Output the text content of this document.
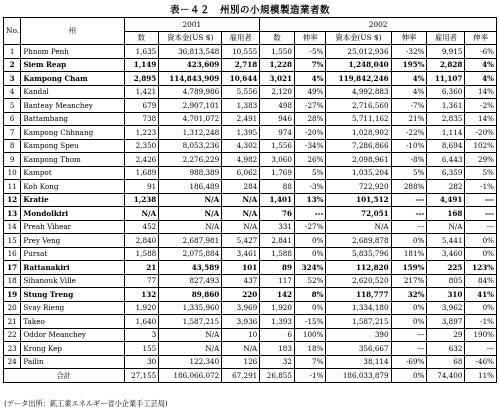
表－４２　州別の小規模製造業者数
No.	州	2001			2002					
		数	資本金(US $)	雇用者	数	伸率	資本金(US $)	伸率	雇用者	伸率
1	Phnom Penh	1,635	36,813,548	10,555	1,550	-5%	25,012,936	-32%	9,915	-6%
2	Siem Reap	1,149	423,609	2,718	1,228	7%	1,248,040	195%	2,828	4%
3	Kampong Cham	2,895	114,843,909	10,644	3,021	4%	119,842,246	4%	11,107	4%
4	Kandal	1,421	4,789,986	5,556	2,120	49%	4,992,883	4%	6,360	14%
5	Banteay Meanchey	679	2,907,101	1,383	498	-27%	2,716,560	-7%	1,361	-2%
6	Battambang	738	4,701,072	2,491	946	28%	5,711,162	21%	2,835	14%
7	Kampong Chhnang	1,223	1,312,248	1,395	974	-20%	1,028,902	-22%	1,114	-20%
8	Kampong Speu	2,350	8,053,236	4,302	1,556	-34%	7,286,866	-10%	8,694	102%
9	Kampong Thom	2,426	2,276,229	4,982	3,060	26%	2,098,961	-8%	6,443	29%
10	Kampot	1,689	988,389	6,062	1,769	5%	1,035,204	5%	6,359	5%
11	Koh Kong	91	186,489	284	88	-3%	722,920	288%	282	-1%
12	Kratie	1,238	N/A	N/A	1,401	13%	101,512	---	4,491	---
13	Mondolkiri	N/A	N/A	N/A	76	---	72,051	---	168	---
14	Preah Vihear	452	N/A	N/A	331	-27%	N/A	---	N/A	---
15	Prey Veng	2,840	2,687,981	5,427	2,841	0%	2,689,878	0%	5,441	0%
16	Pursat	1,588	2,075,884	3,461	1,588	0%	5,835,796	181%	3,460	0%
17	Rattanakiri	21	43,589	101	89	324%	112,820	159%	225	123%
18	Sihanouk Ville	77	827,493	437	117	52%	2,620,520	217%	805	84%
19	Stung Treng	132	89,860	220	142	8%	118,777	32%	310	41%
20	Svay Rieng	1,920	1,335,960	3,969	1,920	0%	1,334,180	0%	3,962	0%
21	Takeo	1,640	1,587,215	3,936	1,393	-15%	1,587,215	0%	3,897	-1%
22	Oddor Meanchey	3	N/A	10	6	100%	390	---	29	190%
23	Krong Kep	155	N/A	N/A	183	18%	356,667	---	632	---
24	Pailin	30	122,340	126	32	7%	38,114	-69%	68	-46%
合計		27,155	186,066,072	67,291	26,855	-1%	186,033,879	0%	74,400	11%
(データ出所：鉱工業エネルギー省小企業手工芸局)
